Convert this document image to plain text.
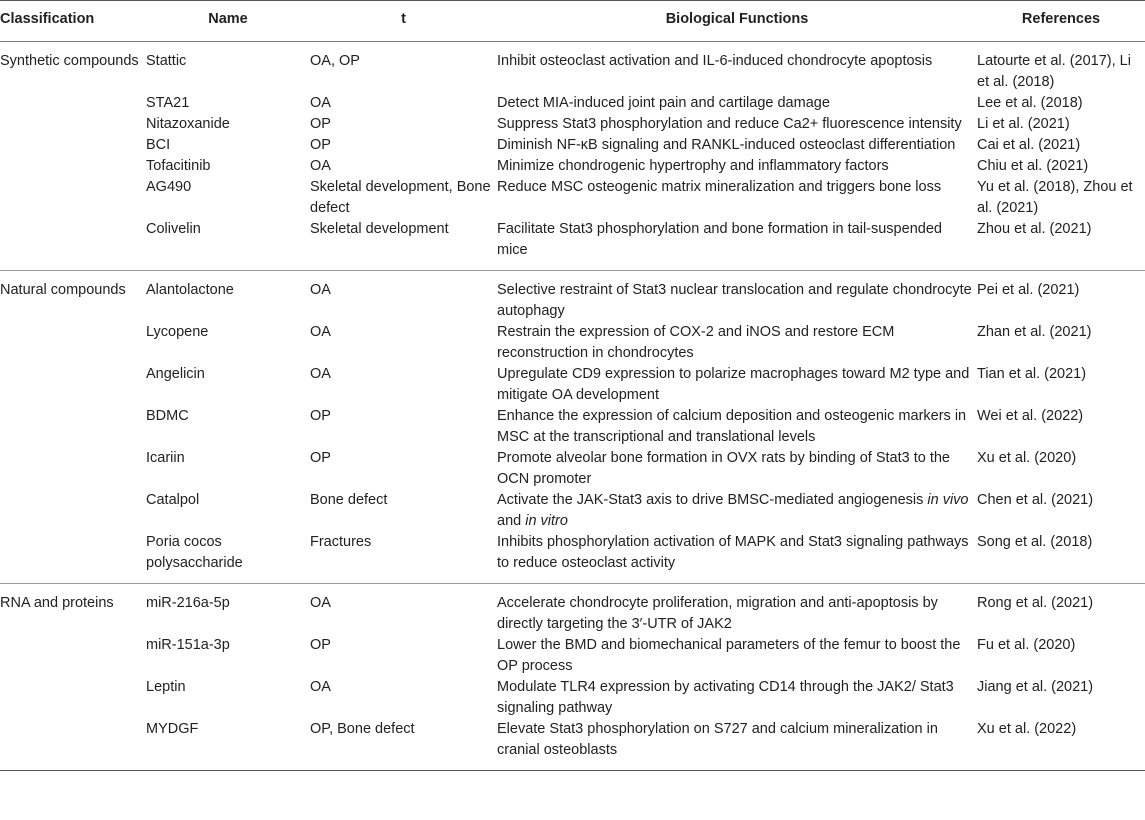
Classification	Name	t	Biological Functions	References
Synthetic compounds	Stattic	OA, OP	Inhibit osteoclast activation and IL-6-induced chondrocyte apoptosis	Latourte et al. (2017), Li et al. (2018)
	STA21	OA	Detect MIA-induced joint pain and cartilage damage	Lee et al. (2018)
	Nitazoxanide	OP	Suppress Stat3 phosphorylation and reduce Ca2+ fluorescence intensity	Li et al. (2021)
	BCI	OP	Diminish NF-κB signaling and RANKL-induced osteoclast differentiation	Cai et al. (2021)
	Tofacitinib	OA	Minimize chondrogenic hypertrophy and inflammatory factors	Chiu et al. (2021)
	AG490	Skeletal development, Bone defect	Reduce MSC osteogenic matrix mineralization and triggers bone loss	Yu et al. (2018), Zhou et al. (2021)
	Colivelin	Skeletal development	Facilitate Stat3 phosphorylation and bone formation in tail-suspended mice	Zhou et al. (2021)
Natural compounds	Alantolactone	OA	Selective restraint of Stat3 nuclear translocation and regulate chondrocyte autophagy	Pei et al. (2021)
	Lycopene	OA	Restrain the expression of COX-2 and iNOS and restore ECM reconstruction in chondrocytes	Zhan et al. (2021)
	Angelicin	OA	Upregulate CD9 expression to polarize macrophages toward M2 type and mitigate OA development	Tian et al. (2021)
	BDMC	OP	Enhance the expression of calcium deposition and osteogenic markers in MSC at the transcriptional and translational levels	Wei et al. (2022)
	Icariin	OP	Promote alveolar bone formation in OVX rats by binding of Stat3 to the OCN promoter	Xu et al. (2020)
	Catalpol	Bone defect	Activate the JAK-Stat3 axis to drive BMSC-mediated angiogenesis in vivo and in vitro	Chen et al. (2021)
	Poria cocos polysaccharide	Fractures	Inhibits phosphorylation activation of MAPK and Stat3 signaling pathways to reduce osteoclast activity	Song et al. (2018)
RNA and proteins	miR-216a-5p	OA	Accelerate chondrocyte proliferation, migration and anti-apoptosis by directly targeting the 3′-UTR of JAK2	Rong et al. (2021)
	miR-151a-3p	OP	Lower the BMD and biomechanical parameters of the femur to boost the OP process	Fu et al. (2020)
	Leptin	OA	Modulate TLR4 expression by activating CD14 through the JAK2/ Stat3 signaling pathway	Jiang et al. (2021)
	MYDGF	OP, Bone defect	Elevate Stat3 phosphorylation on S727 and calcium mineralization in cranial osteoblasts	Xu et al. (2022)
